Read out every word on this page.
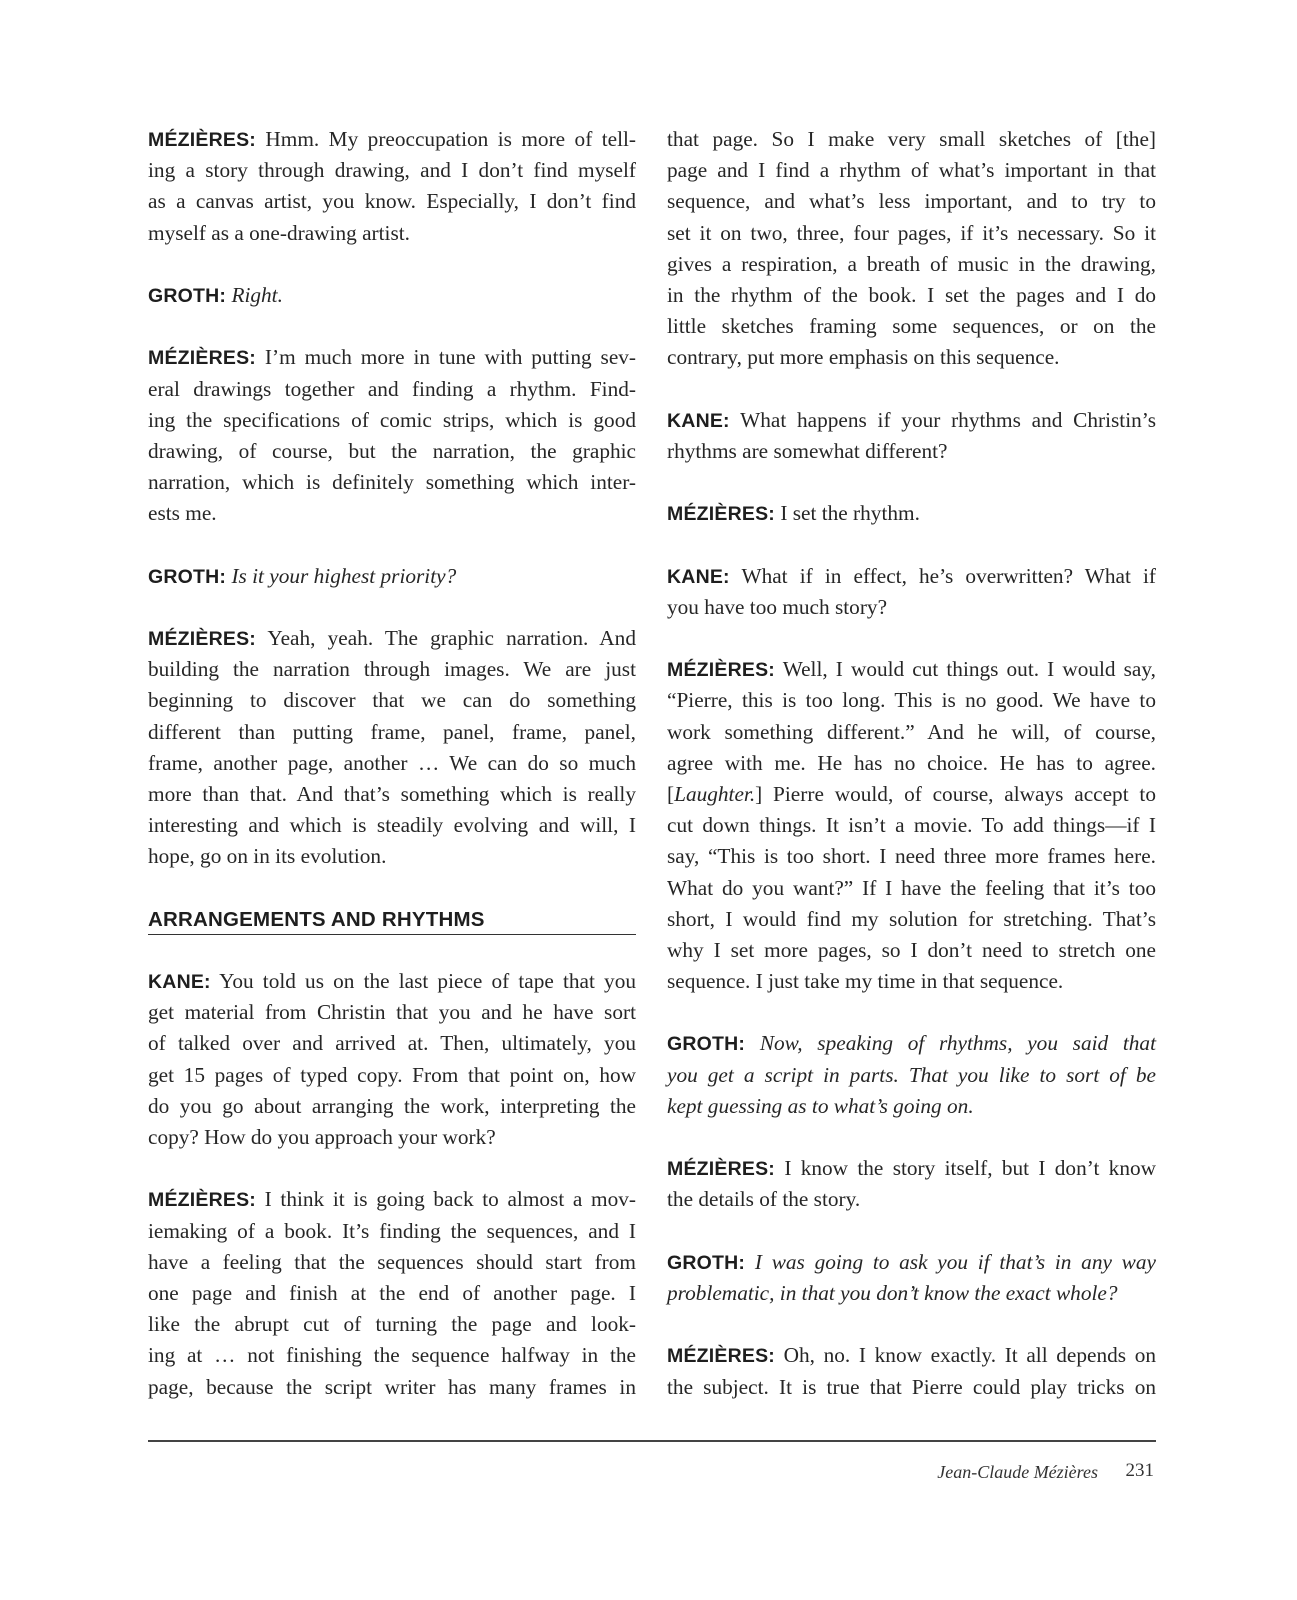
MÉZIÈRES: Hmm. My preoccupation is more of tell-
ing a story through drawing, and I don’t find myself
as a canvas artist, you know. Especially, I don’t find
myself as a one-drawing artist.
GROTH: Right.
MÉZIÈRES: I’m much more in tune with putting sev-
eral drawings together and finding a rhythm. Find-
ing the specifications of comic strips, which is good
drawing, of course, but the narration, the graphic
narration, which is definitely something which inter-
ests me.
GROTH: Is it your highest priority?
MÉZIÈRES: Yeah, yeah. The graphic narration. And
building the narration through images. We are just
beginning to discover that we can do something
different than putting frame, panel, frame, panel,
frame, another page, another … We can do so much
more than that. And that’s something which is really
interesting and which is steadily evolving and will, I
hope, go on in its evolution.
ARRANGEMENTS AND RHYTHMS
KANE: You told us on the last piece of tape that you
get material from Christin that you and he have sort
of talked over and arrived at. Then, ultimately, you
get 15 pages of typed copy. From that point on, how
do you go about arranging the work, interpreting the
copy? How do you approach your work?
MÉZIÈRES: I think it is going back to almost a mov-
iemaking of a book. It’s finding the sequences, and I
have a feeling that the sequences should start from
one page and finish at the end of another page. I
like the abrupt cut of turning the page and look-
ing at … not finishing the sequence halfway in the
page, because the script writer has many frames in
that page. So I make very small sketches of [the]
page and I find a rhythm of what’s important in that
sequence, and what’s less important, and to try to
set it on two, three, four pages, if it’s necessary. So it
gives a respiration, a breath of music in the drawing,
in the rhythm of the book. I set the pages and I do
little sketches framing some sequences, or on the
contrary, put more emphasis on this sequence.
KANE: What happens if your rhythms and Christin’s
rhythms are somewhat different?
MÉZIÈRES: I set the rhythm.
KANE: What if in effect, he’s overwritten? What if
you have too much story?
MÉZIÈRES: Well, I would cut things out. I would say,
“Pierre, this is too long. This is no good. We have to
work something different.” And he will, of course,
agree with me. He has no choice. He has to agree.
[Laughter.] Pierre would, of course, always accept to
cut down things. It isn’t a movie. To add things—if I
say, “This is too short. I need three more frames here.
What do you want?” If I have the feeling that it’s too
short, I would find my solution for stretching. That’s
why I set more pages, so I don’t need to stretch one
sequence. I just take my time in that sequence.
GROTH: Now, speaking of rhythms, you said that
you get a script in parts. That you like to sort of be
kept guessing as to what’s going on.
MÉZIÈRES: I know the story itself, but I don’t know
the details of the story.
GROTH: I was going to ask you if that’s in any way
problematic, in that you don’t know the exact whole?
MÉZIÈRES: Oh, no. I know exactly. It all depends on
the subject. It is true that Pierre could play tricks on
Jean-Claude Mézières 231
